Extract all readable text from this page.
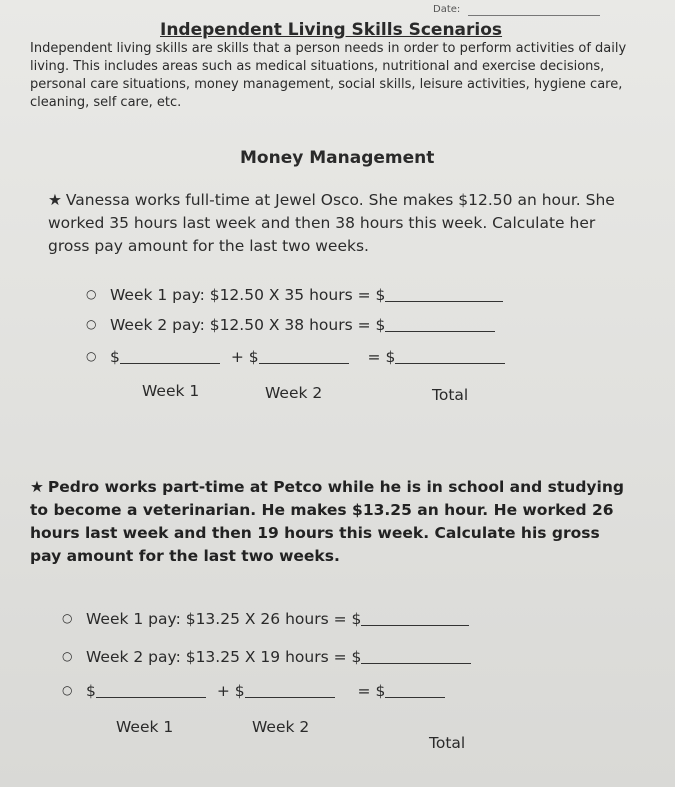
Date:
Independent Living Skills Scenarios
Independent living skills are skills that a person needs in order to perform activities of daily living. This includes areas such as medical situations, nutritional and exercise decisions, personal care situations, money management, social skills, leisure activities, hygiene care, cleaning, self care, etc.
Money Management
★ Vanessa works full-time at Jewel Osco. She makes $12.50 an hour. She worked 35 hours last week and then 38 hours this week. Calculate her gross pay amount for the last two weeks.
○ Week 1 pay: $12.50 X 35 hours = $
○ Week 2 pay: $12.50 X 38 hours = $
○ $	+ $	= $
Week 1	Week 2	Total
★ Pedro works part-time at Petco while he is in school and studying to become a veterinarian. He makes $13.25 an hour. He worked 26 hours last week and then 19 hours this week. Calculate his gross pay amount for the last two weeks.
○ Week 1 pay: $13.25 X 26 hours = $
○ Week 2 pay: $13.25 X 19 hours = $
○ $	+ $	= $
Week 1	Week 2
Total
